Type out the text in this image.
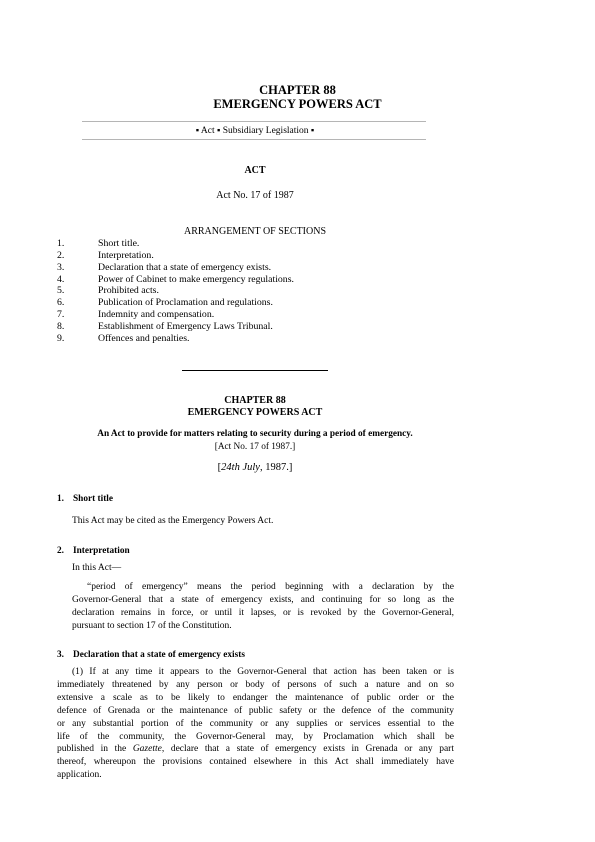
CHAPTER 88
EMERGENCY POWERS ACT
▪ Act ▪ Subsidiary Legislation ▪
ACT
Act No. 17 of 1987
ARRANGEMENT OF SECTIONS
1.	Short title.
2.	Interpretation.
3.	Declaration that a state of emergency exists.
4.	Power of Cabinet to make emergency regulations.
5.	Prohibited acts.
6.	Publication of Proclamation and regulations.
7.	Indemnity and compensation.
8.	Establishment of Emergency Laws Tribunal.
9.	Offences and penalties.
CHAPTER 88
EMERGENCY POWERS ACT
An Act to provide for matters relating to security during a period of emergency.
[Act No. 17 of 1987.]
[24th July, 1987.]
1. Short title
This Act may be cited as the Emergency Powers Act.
2. Interpretation
In this Act—
“period of emergency” means the period beginning with a declaration by the
Governor-General that a state of emergency exists, and continuing for so long as the
declaration remains in force, or until it lapses, or is revoked by the Governor-General,
pursuant to section 17 of the Constitution.
3. Declaration that a state of emergency exists
(1) If at any time it appears to the Governor-General that action has been taken or is
immediately threatened by any person or body of persons of such a nature and on so
extensive a scale as to be likely to endanger the maintenance of public order or the
defence of Grenada or the maintenance of public safety or the defence of the community
or any substantial portion of the community or any supplies or services essential to the
life of the community, the Governor-General may, by Proclamation which shall be
published in the Gazette, declare that a state of emergency exists in Grenada or any part
thereof, whereupon the provisions contained elsewhere in this Act shall immediately have
application.
